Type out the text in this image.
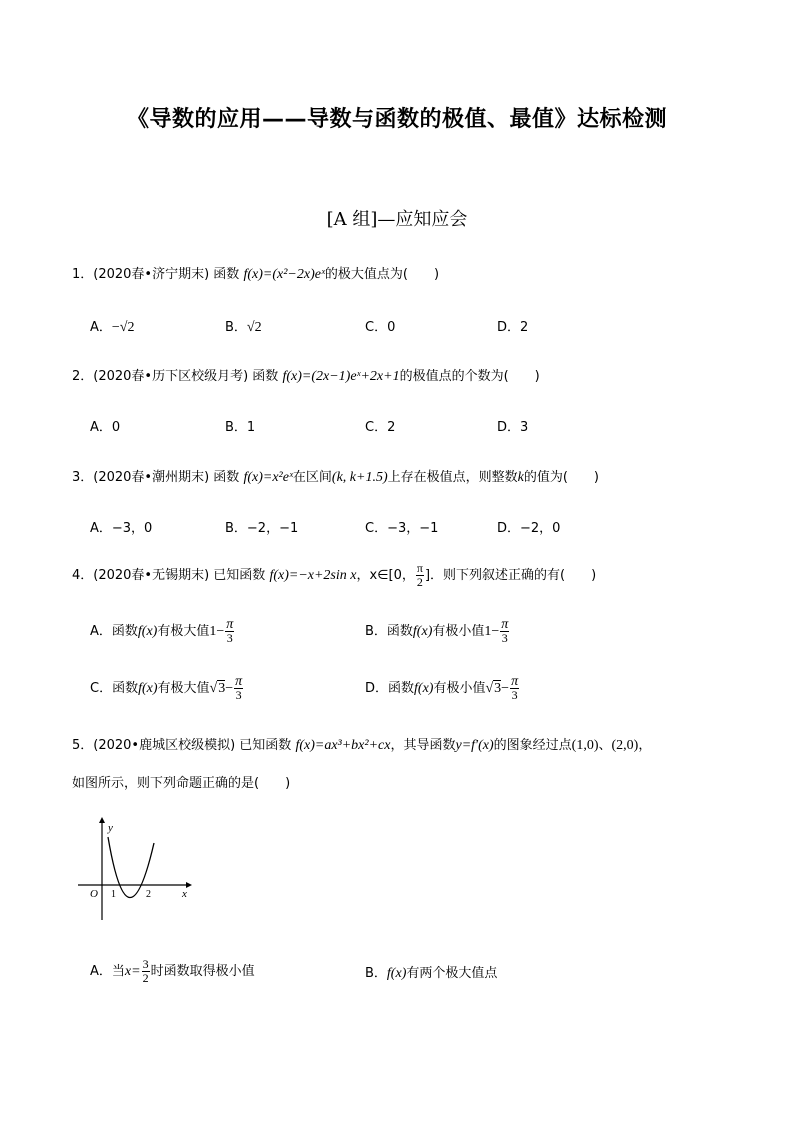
《导数的应用——导数与函数的极值、最值》达标检测
[A 组]—应知应会
1．(2020春•济宁期末) 函数 f(x)=(x²−2x)eˣ的极大值点为(　　)
A．−√2	B．√2	C．0	D．2
2．(2020春•历下区校级月考) 函数 f(x)=(2x−1)eˣ+2x+1的极值点的个数为(　　)
A．0	B．1	C．2	D．3
3．(2020春•潮州期末) 函数 f(x)=x²eˣ在区间(k, k+1.5)上存在极值点，则整数k的值为(　　)
A．−3，0	B．−2，−1	C．−3，−1	D．−2，0
4．(2020春•无锡期末) 已知函数 f(x)=−x+2sin x，x∈[0， $\frac{\pi}{2}$ ]．则下列叙述正确的有(　　)
A．函数f(x)有极大值$1- \frac{\pi}{3}$	B．函数f(x)有极小值$1- \frac{\pi}{3}$
C．函数f(x)有极大值$√3- \frac{\pi}{3}$	D．函数f(x)有极小值$√3- \frac{\pi}{3}$
5．(2020•鹿城区校级模拟) 已知函数 f(x)=ax³+bx²+cx，其导函数y=f′(x)的图象经过点(1,0)、(2,0)，
如图所示，则下列命题正确的是(　　)
y
x
O 1	2
A．当$x= \frac{3}{2}$ 时函数取得极小值	B．f(x)有两个极大值点
